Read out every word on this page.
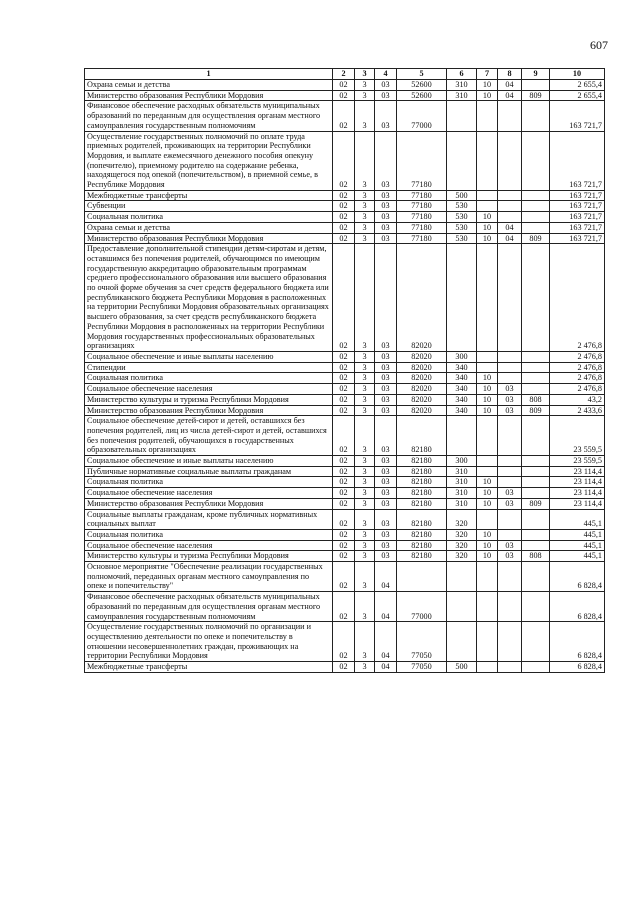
607
1	2	3	4	5	6	7	8	9	10
Охрана семьи и детства	02	3	03	52600	310	10	04		2 655,4
Министерство образования Республики Мордовия	02	3	03	52600	310	10	04	809	2 655,4
Финансовое обеспечение расходных обязательств муниципальных образований по переданным для осуществления органам местного самоуправления государственным полномочиям	02	3	03	77000					163 721,7
Осуществление государственных полномочий по оплате труда приемных родителей, проживающих на территории Республики Мордовия, и выплате ежемесячного денежного пособия опекуну (попечителю), приемному родителю на содержание ребенка, находящегося под опекой (попечительством), в приемной семье, в Республике Мордовия	02	3	03	77180					163 721,7
Межбюджетные трансферты	02	3	03	77180	500				163 721,7
Субвенции	02	3	03	77180	530				163 721,7
Социальная политика	02	3	03	77180	530	10			163 721,7
Охрана семьи и детства	02	3	03	77180	530	10	04		163 721,7
Министерство образования Республики Мордовия	02	3	03	77180	530	10	04	809	163 721,7
Предоставление дополнительной стипендии детям-сиротам и детям, оставшимся без попечения родителей, обучающимся по имеющим государственную аккредитацию образовательным программам среднего профессионального образования или высшего образования по очной форме обучения за счет средств федерального бюджета или республиканского бюджета Республики Мордовия в расположенных на территории Республики Мордовия образовательных организациях высшего образования, за счет средств республиканского бюджета Республики Мордовия в расположенных на территории Республики Мордовия государственных профессиональных образовательных организациях	02	3	03	82020					2 476,8
Социальное обеспечение и иные выплаты населению	02	3	03	82020	300				2 476,8
Стипендии	02	3	03	82020	340				2 476,8
Социальная политика	02	3	03	82020	340	10			2 476,8
Социальное обеспечение населения	02	3	03	82020	340	10	03		2 476,8
Министерство культуры и туризма Республики Мордовия	02	3	03	82020	340	10	03	808	43,2
Министерство образования Республики Мордовия	02	3	03	82020	340	10	03	809	2 433,6
Социальное обеспечение детей-сирот и детей, оставшихся без попечения родителей, лиц из числа детей-сирот и детей, оставшихся без попечения родителей, обучающихся в государственных образовательных организациях	02	3	03	82180					23 559,5
Социальное обеспечение и иные выплаты населению	02	3	03	82180	300				23 559,5
Публичные нормативные социальные выплаты гражданам	02	3	03	82180	310				23 114,4
Социальная политика	02	3	03	82180	310	10			23 114,4
Социальное обеспечение населения	02	3	03	82180	310	10	03		23 114,4
Министерство образования Республики Мордовия	02	3	03	82180	310	10	03	809	23 114,4
Социальные выплаты гражданам, кроме публичных нормативных социальных выплат	02	3	03	82180	320				445,1
Социальная политика	02	3	03	82180	320	10			445,1
Социальное обеспечение населения	02	3	03	82180	320	10	03		445,1
Министерство культуры и туризма Республики Мордовия	02	3	03	82180	320	10	03	808	445,1
Основное мероприятие "Обеспечение реализации государственных полномочий, переданных органам местного самоуправления по опеке и попечительству"	02	3	04						6 828,4
Финансовое обеспечение расходных обязательств муниципальных образований по переданным для осуществления органам местного самоуправления государственным полномочиям	02	3	04	77000					6 828,4
Осуществление государственных полномочий по организации и осуществлению деятельности по опеке и попечительству в отношении несовершеннолетних граждан, проживающих на территории Республики Мордовия	02	3	04	77050					6 828,4
Межбюджетные трансферты	02	3	04	77050	500				6 828,4
